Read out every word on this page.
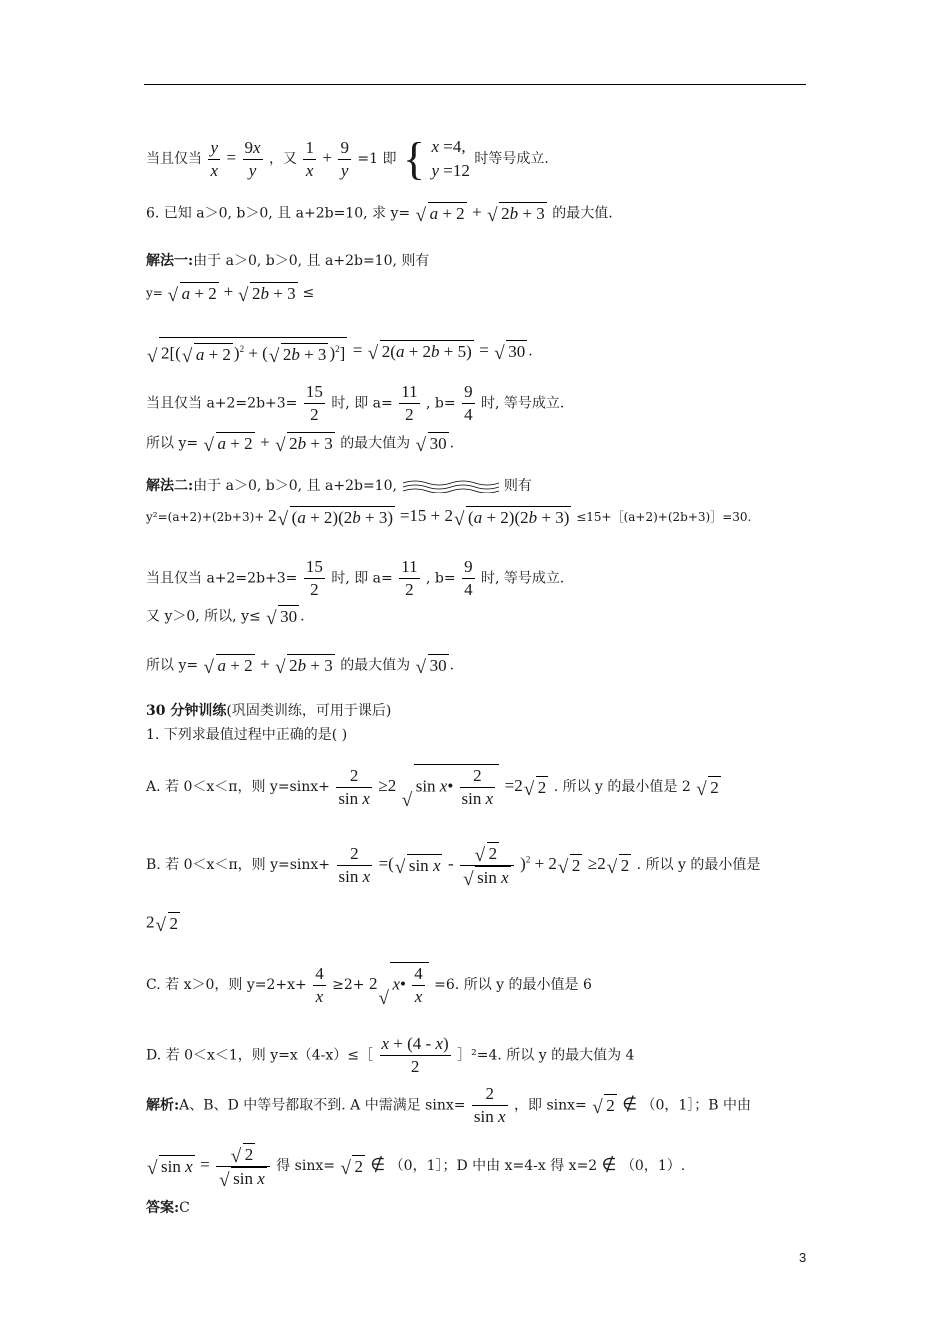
当且仅当 $\frac{y}{x} = \frac{9x}{y}$ ，又 $\frac{1}{x} + \frac{9}{y} =1$ 即 { x =4,
y =12
时等号成立.
6. 已知 a＞0, b＞0, 且 a+2b=10, 求 y= √ a + 2 + √ 2b + 3 的最大值.
解法一:由于 a＞0, b＞0, 且 a+2b=10, 则有
y= √ a + 2 + √ 2b + 3 ≤
√ 2[(√ a + 2 )$^2$ + (√ 2b + 3 )$^2$] = √ 2(a + 2b + 5) = √ 30 .
当且仅当 $a+2=2b+3= \frac{15}{2}$ 时, 即 $a= \frac{11}{2}$ , $b= \frac{9}{4}$ 时, 等号成立.
所以 y= √ a + 2 + √ 2b + 3 的最大值为 √ 30 .
解法二:由于 a＞0, b＞0, 且 a+2b=10,	则有
y²=(a+2)+(2b+3)+ 2√ (a + 2)(2b + 3) =15 + 2√ (a + 2)(2b + 3) ≤15+［(a+2)+(2b+3)］=30.
当且仅当 $a+2=2b+3= \frac{15}{2}$ 时, 即 $a= \frac{11}{2}$ , $b= \frac{9}{4}$ 时, 等号成立.
又 y＞0, 所以, y≤ √ 30 .
所以 y= √ a + 2 + √ 2b + 3 的最大值为 √ 30 .
30 分钟训练(巩固类训练，可用于课后)
1. 下列求最值过程中正确的是( )
A. 若 0＜x＜π，则 $y=\sin x+ \frac{2}{\text{sin x}} \ge 2$ √ sin x• $\frac{2}{\text{sin x}} =2√$ 2 . 所以 y 的最小值是 2 √ 2
B. 若 0＜x＜π，则 $y=\sin x+ \frac{2}{\text{sin x}}$ =(√ sin x -
√ 2
√ sin x )$^2$ + 2√ 2 ≥2√ 2 . 所以 y 的最小值是
2√ 2
C. 若 x＞0，则 $y=2+x+ \frac{4}{x} \ge 2+ 2√$ x• $\frac{4}{x} =6$. 所以 y 的最小值是 6
D. 若 0＜x＜1，则 y=x（4-x）≤［ $\frac{x + (4 - x)}{2}$ ］²=4. 所以 y 的最大值为 4
解析:A、B、D 中等号都取不到. A 中需满足 $\sin x= \frac{2}{\text{sin x}}$ ，即 sinx= √ 2 ∉ （0，1］；B 中由
√ sin x =
√ 2
√ sin x 得 sinx= √ 2 ∉ （0，1］；D 中由 x=4-x 得 x=2 ∉ （0，1）.
答案:C
3
